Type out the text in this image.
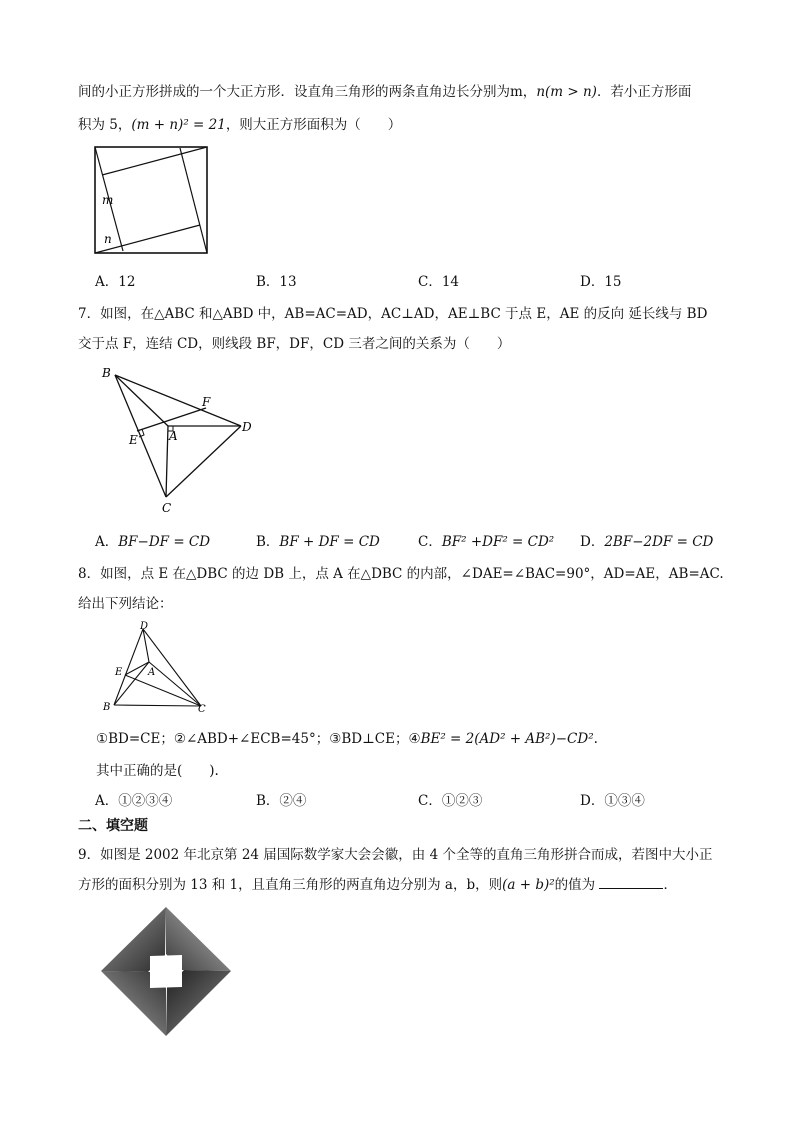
间的小正方形拼成的一个大正方形．设直角三角形的两条直角边长分别为m，n(m > n)．若小正方形面
积为 5，(m + n)² = 21，则大正方形面积为（　　）
m
n
A．12	B．13	C．14	D．15
7．如图，在△ABC 和△ABD 中，AB=AC=AD，AC⊥AD，AE⊥BC 于点 E，AE 的反向 延长线与 BD
交于点 F，连结 CD，则线段 BF，DF，CD 三者之间的关系为（　　）
B
F
A
D
E
C
A．BF−DF = CD	B．BF + DF = CD	C．BF² +DF² = CD² D．2BF−2DF = CD
8．如图，点 E 在△DBC 的边 DB 上，点 A 在△DBC 的内部，∠DAE=∠BAC=90°，AD=AE，AB=AC.
给出下列结论：
D
E	A
B	C
①BD=CE；②∠ABD+∠ECB=45°；③BD⊥CE；④BE² = 2(AD² + AB²)−CD².
其中正确的是(　　).
A．①②③④	B．②④	C．①②③	D．①③④
二、填空题
9．如图是 2002 年北京第 24 届国际数学家大会会徽，由 4 个全等的直角三角形拼合而成，若图中大小正
方形的面积分别为 13 和 1，且直角三角形的两直角边分别为 a，b，则(a + b)²的值为	．
